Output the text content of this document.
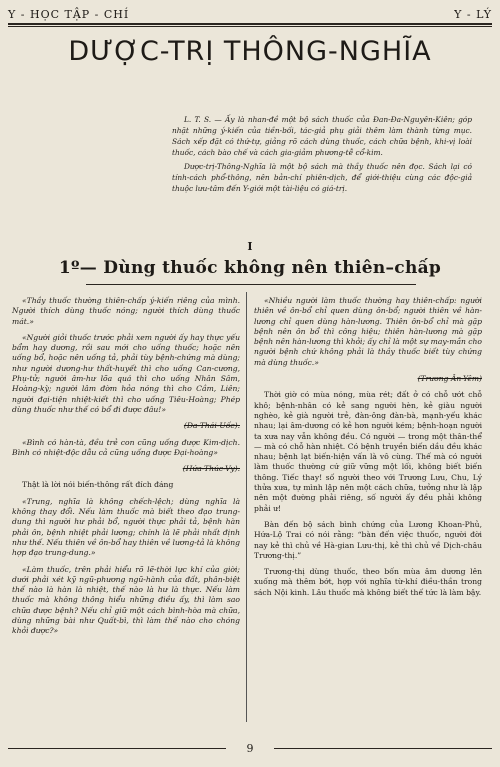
Y - HỌC TẬP - CHÍ	Y - LÝ
DƯỢC-TRỊ THÔNG-NGHĨA

L. T. S. — Ấy là nhan-đề một bộ sách thuốc của Đan-Đa-Nguyên-Kiên; góp nhặt những ý-kiến của tiền-bối, tác-giả phụ giải thêm làm thành từng mục. Sách xếp đặt có thứ-tự, giảng rõ cách dùng thuốc, cách chữa bệnh, khi-vị loài thuốc, cách bào chế và cách gia-giảm phương-tễ cổ-kim.

Dược-trị-Thông-Nghĩa là một bộ sách mà thầy thuốc nên đọc. Sách lại có tính-cách phổ-thông, nên bản-chí phiên-dịch, để giới-thiệu cùng các độc-giả thuộc lưu-tâm đến Y-giới một tài-liệu có giá-trị.

I
1º— Dùng thuốc không nên thiên–chấp

«Thầy thuốc thường thiên-chấp ý-kiến riêng của mình. Người thích dùng thuốc nóng; người thích dùng thuốc mát.»

«Người giỏi thuốc trước phải xem người ấy hay thực yếu bẩm hay dương, rồi sau mới cho uống thuốc; hoặc nên uống bổ, hoặc nên uống tả, phải tùy bệnh-chứng mà dùng; như người dương-hư thất-huyết thì cho uống Can-cương, Phụ-tử; người âm-hư lõa quá thì cho uống Nhân Sâm, Hoàng-kỳ; người lâm đờm hỏa nóng thì cho Cầm, Liên; người đại-tiện nhiệt-kiết thì cho uống Tiêu-Hoàng; Phép dùng thuốc như thế có bổ đi được đâu!»

(Đa-Thái-Uốc).

«Bình có hàn-tà, đều trẻ con cũng uống được Kim-dịch. Bình có nhiệt-độc dẫu cả cũng uống được Đại-hoàng»

(Hứa-Thúc-Vy).

Thật là lời nói biến-thông rất đích đáng

«Trung, nghĩa là không chếch-lệch; dùng nghĩa là không thay đổi. Nếu làm thuốc mà biết theo đạo trung-dung thì người hư phải bổ, người thực phải tả, bệnh hàn phải ôn, bệnh nhiệt phải lương; chính là lẽ phải nhất định như thế. Nếu thiên về ôn-bổ hay thiên về lương-tả là không hợp đạo trung-dung.»

«Làm thuốc, trên phải hiểu rõ lẽ-thời lực khí của giời; dưới phải xét kỹ ngũ-phương ngũ-hành của đất, phân-biệt thế nào là hàn là nhiệt, thế nào là hư là thực. Nếu làm thuốc mà không thông hiểu những điều ấy, thì làm sao chữa được bệnh? Nếu chỉ giữ một cách bình-hòa mà chữa, dùng những bài như Quất-bì, thì làm thế nào cho chóng khỏi được?»

«Nhiều người làm thuốc thường hay thiên-chấp: người thiên về ôn-bổ chỉ quen dùng ôn-bổ; người thiên về hàn-lương chỉ quen dùng hàn-lương. Thiên ôn-bổ chỉ mà gặp bệnh nên ôn bổ thì công hiệu; thiên hàn-lương mà gặp bệnh nên hàn-lương thì khỏi; ấy chỉ là một sự may-mắn cho người bệnh chứ không phải là thầy thuốc biết tùy chứng mà dùng thuốc.»

(Trương Ân-Yêm)

Thời giờ có mùa nóng, mùa rét; đất ở có chỗ ướt chỗ khô; bệnh-nhân có kẻ sang người hèn, kẻ giàu người nghèo, kẻ già người trẻ, đàn-ông đàn-bà, mạnh-yếu khác nhau; lại âm-dương có kẻ hơn người kém; bệnh-hoạn người ta xưa nay vẫn không đều. Có người — trong một thân-thể — mà có chỗ hàn nhiệt. Có bệnh truyền biến dầu đều khác nhau; bệnh lạt biến-hiện vấn là vô cùng. Thế mà có người làm thuốc thường cứ giữ vững một lối, không biết biến thông. Tiếc thay! số người theo với Trương Lưu, Chu, Lý thửa xưa, tự mình lập nên một cách chữa, tưởng như là lập nên một đường phải riêng, số người ấy đều phải không phải ư!

Bàn đến bộ sách bình chứng của Lương Khoan-Phủ, Hứa-Lộ Trai có nói rằng: “bàn đến việc thuốc, người đời nay kẻ thì chủ về Hà-gian Lưu-thị, kẻ thì chủ về Dịch-châu Trương-thị.”

Trương-thị dùng thuốc, theo bốn mùa âm dương lên xuống mà thêm bớt, hợp với nghĩa từ-khí điều-thần trong sách Nội kinh. Lâu thuốc mà không biết thế tức là làm bậy.

9
